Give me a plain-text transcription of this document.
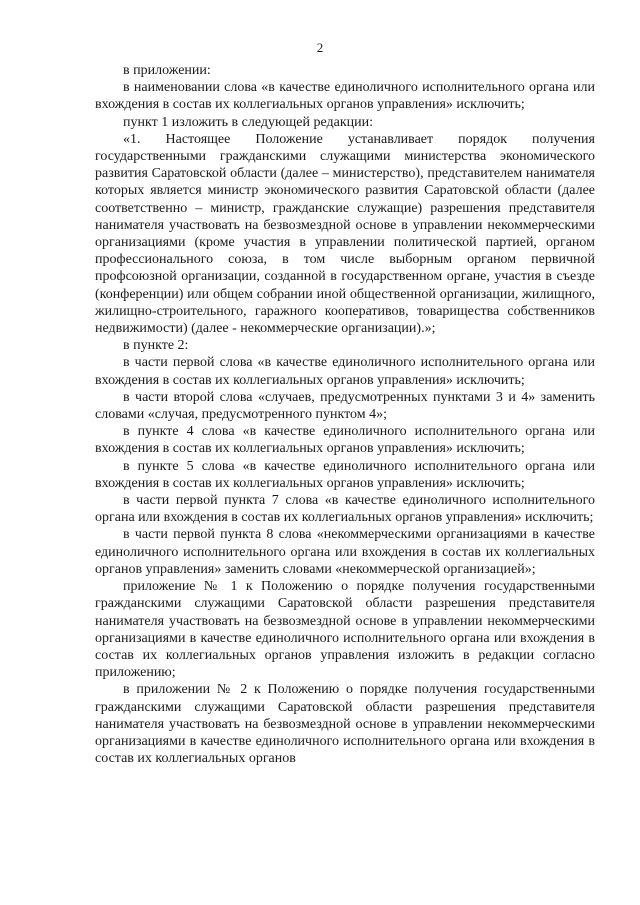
2

в приложении:

в наименовании слова «в качестве единоличного исполнительного органа или вхождения в состав их коллегиальных органов управления» исключить;

пункт 1 изложить в следующей редакции:

«1. Настоящее Положение устанавливает порядок получения государственными гражданскими служащими министерства экономического развития Саратовской области (далее – министерство), представителем нанимателя которых является министр экономического развития Саратовской области (далее соответственно – министр, гражданские служащие) разрешения представителя нанимателя участвовать на безвозмездной основе в управлении некоммерческими организациями (кроме участия в управлении политической партией, органом профессионального союза, в том числе выборным органом первичной профсоюзной организации, созданной в государственном органе, участия в съезде (конференции) или общем собрании иной общественной организации, жилищного, жилищно-строительного, гаражного кооперативов, товарищества собственников недвижимости) (далее - некоммерческие организации).»;

в пункте 2:

в части первой слова «в качестве единоличного исполнительного органа или вхождения в состав их коллегиальных органов управления» исключить;

в части второй слова «случаев, предусмотренных пунктами 3 и 4» заменить словами «случая, предусмотренного пунктом 4»;

в пункте 4 слова «в качестве единоличного исполнительного органа или вхождения в состав их коллегиальных органов управления» исключить;

в пункте 5 слова «в качестве единоличного исполнительного органа или вхождения в состав их коллегиальных органов управления» исключить;

в части первой пункта 7 слова «в качестве единоличного исполнительного органа или вхождения в состав их коллегиальных органов управления» исключить;

в части первой пункта 8 слова «некоммерческими организациями в качестве единоличного исполнительного органа или вхождения в состав их коллегиальных органов управления» заменить словами «некоммерческой организацией»;

приложение № 1 к Положению о порядке получения государственными гражданскими служащими Саратовской области разрешения представителя нанимателя участвовать на безвозмездной основе в управлении некоммерческими организациями в качестве единоличного исполнительного органа или вхождения в состав их коллегиальных органов управления изложить в редакции согласно приложению;

в приложении № 2 к Положению о порядке получения государственными гражданскими служащими Саратовской области разрешения представителя нанимателя участвовать на безвозмездной основе в управлении некоммерческими организациями в качестве единоличного исполнительного органа или вхождения в состав их коллегиальных органов
